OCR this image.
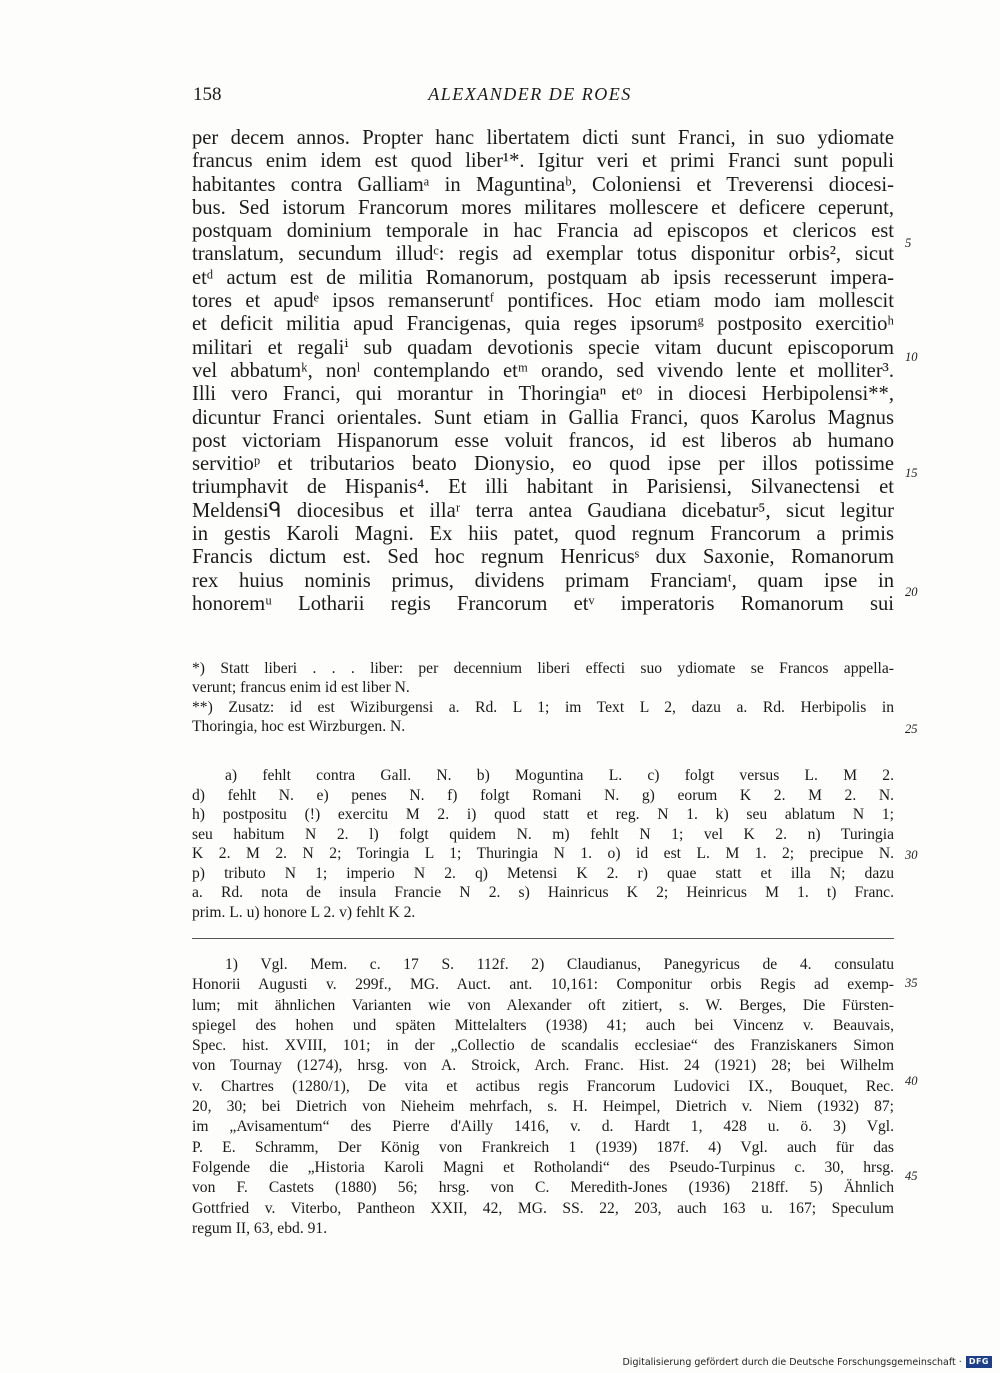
158	ALEXANDER DE ROES
per decem annos. Propter hanc libertatem dicti sunt Franci, in suo ydiomate
francus enim idem est quod liber¹*. Igitur veri et primi Franci sunt populi
habitantes contra Galliamᵃ in Maguntinaᵇ, Coloniensi et Treverensi diocesi-
bus. Sed istorum Francorum mores militares mollescere et deficere ceperunt,
postquam dominium temporale in hac Francia ad episcopos et clericos est
translatum, secundum illudᶜ: regis ad exemplar totus disponitur orbis², sicut
etᵈ actum est de militia Romanorum, postquam ab ipsis recesserunt impera-
tores et apudᵉ ipsos remanseruntᶠ pontifices. Hoc etiam modo iam mollescit
et deficit militia apud Francigenas, quia reges ipsorumᵍ postposito exercitioʰ
militari et regaliⁱ sub quadam devotionis specie vitam ducunt episcoporum
vel abbatumᵏ, nonˡ contemplando etᵐ orando, sed vivendo lente et molliter³.
Illi vero Franci, qui morantur in Thoringiaⁿ etᵒ in diocesi Herbipolensi**,
dicuntur Franci orientales. Sunt etiam in Gallia Franci, quos Karolus Magnus
post victoriam Hispanorum esse voluit francos, id est liberos ab humano
servitioᵖ et tributarios beato Dionysio, eo quod ipse per illos potissime
triumphavit de Hispanis⁴. Et illi habitant in Parisiensi, Silvanectensi et
Meldensiᑫ diocesibus et illaʳ terra antea Gaudiana dicebatur⁵, sicut legitur
in gestis Karoli Magni. Ex hiis patet, quod regnum Francorum a primis
Francis dictum est. Sed hoc regnum Henricusˢ dux Saxonie, Romanorum
rex huius nominis primus, dividens primam Franciamᵗ, quam ipse in
honoremᵘ Lotharii regis Francorum etᵛ imperatoris Romanorum sui
*) Statt liberi . . . liber: per decennium liberi effecti suo ydiomate se Francos appella-
verunt; francus enim id est liber N.
**) Zusatz: id est Wiziburgensi a. Rd. L 1; im Text L 2, dazu a. Rd. Herbipolis in
Thoringia, hoc est Wirzburgen. N.
a) fehlt contra Gall. N. b) Moguntina L. c) folgt versus L. M 2.
d) fehlt N. e) penes N. f) folgt Romani N. g) eorum K 2. M 2. N.
h) postpositu (!) exercitu M 2. i) quod statt et reg. N 1. k) seu ablatum N 1;
seu habitum N 2. l) folgt quidem N. m) fehlt N 1; vel K 2. n) Turingia
K 2. M 2. N 2; Toringia L 1; Thuringia N 1. o) id est L. M 1. 2; precipue N.
p) tributo N 1; imperio N 2. q) Metensi K 2. r) quae statt et illa N; dazu
a. Rd. nota de insula Francie N 2. s) Hainricus K 2; Heinricus M 1. t) Franc.
prim. L. u) honore L 2. v) fehlt K 2.
1) Vgl. Mem. c. 17 S. 112f. 2) Claudianus, Panegyricus de 4. consulatu
Honorii Augusti v. 299f., MG. Auct. ant. 10,161: Componitur orbis Regis ad exemp-
lum; mit ähnlichen Varianten wie von Alexander oft zitiert, s. W. Berges, Die Fürsten-
spiegel des hohen und späten Mittelalters (1938) 41; auch bei Vincenz v. Beauvais,
Spec. hist. XVIII, 101; in der „Collectio de scandalis ecclesiae“ des Franziskaners Simon
von Tournay (1274), hrsg. von A. Stroick, Arch. Franc. Hist. 24 (1921) 28; bei Wilhelm
v. Chartres (1280/1), De vita et actibus regis Francorum Ludovici IX., Bouquet, Rec.
20, 30; bei Dietrich von Nieheim mehrfach, s. H. Heimpel, Dietrich v. Niem (1932) 87;
im „Avisamentum“ des Pierre d'Ailly 1416, v. d. Hardt 1, 428 u. ö. 3) Vgl.
P. E. Schramm, Der König von Frankreich 1 (1939) 187f. 4) Vgl. auch für das
Folgende die „Historia Karoli Magni et Rotholandi“ des Pseudo-Turpinus c. 30, hrsg.
von F. Castets (1880) 56; hrsg. von C. Meredith-Jones (1936) 218ff. 5) Ähnlich
Gottfried v. Viterbo, Pantheon XXII, 42, MG. SS. 22, 203, auch 163 u. 167; Speculum
regum II, 63, ebd. 91.
5
10
15
20
25
30
35
40
45
Digitalisierung gefördert durch die Deutsche Forschungsgemeinschaft · DFG
